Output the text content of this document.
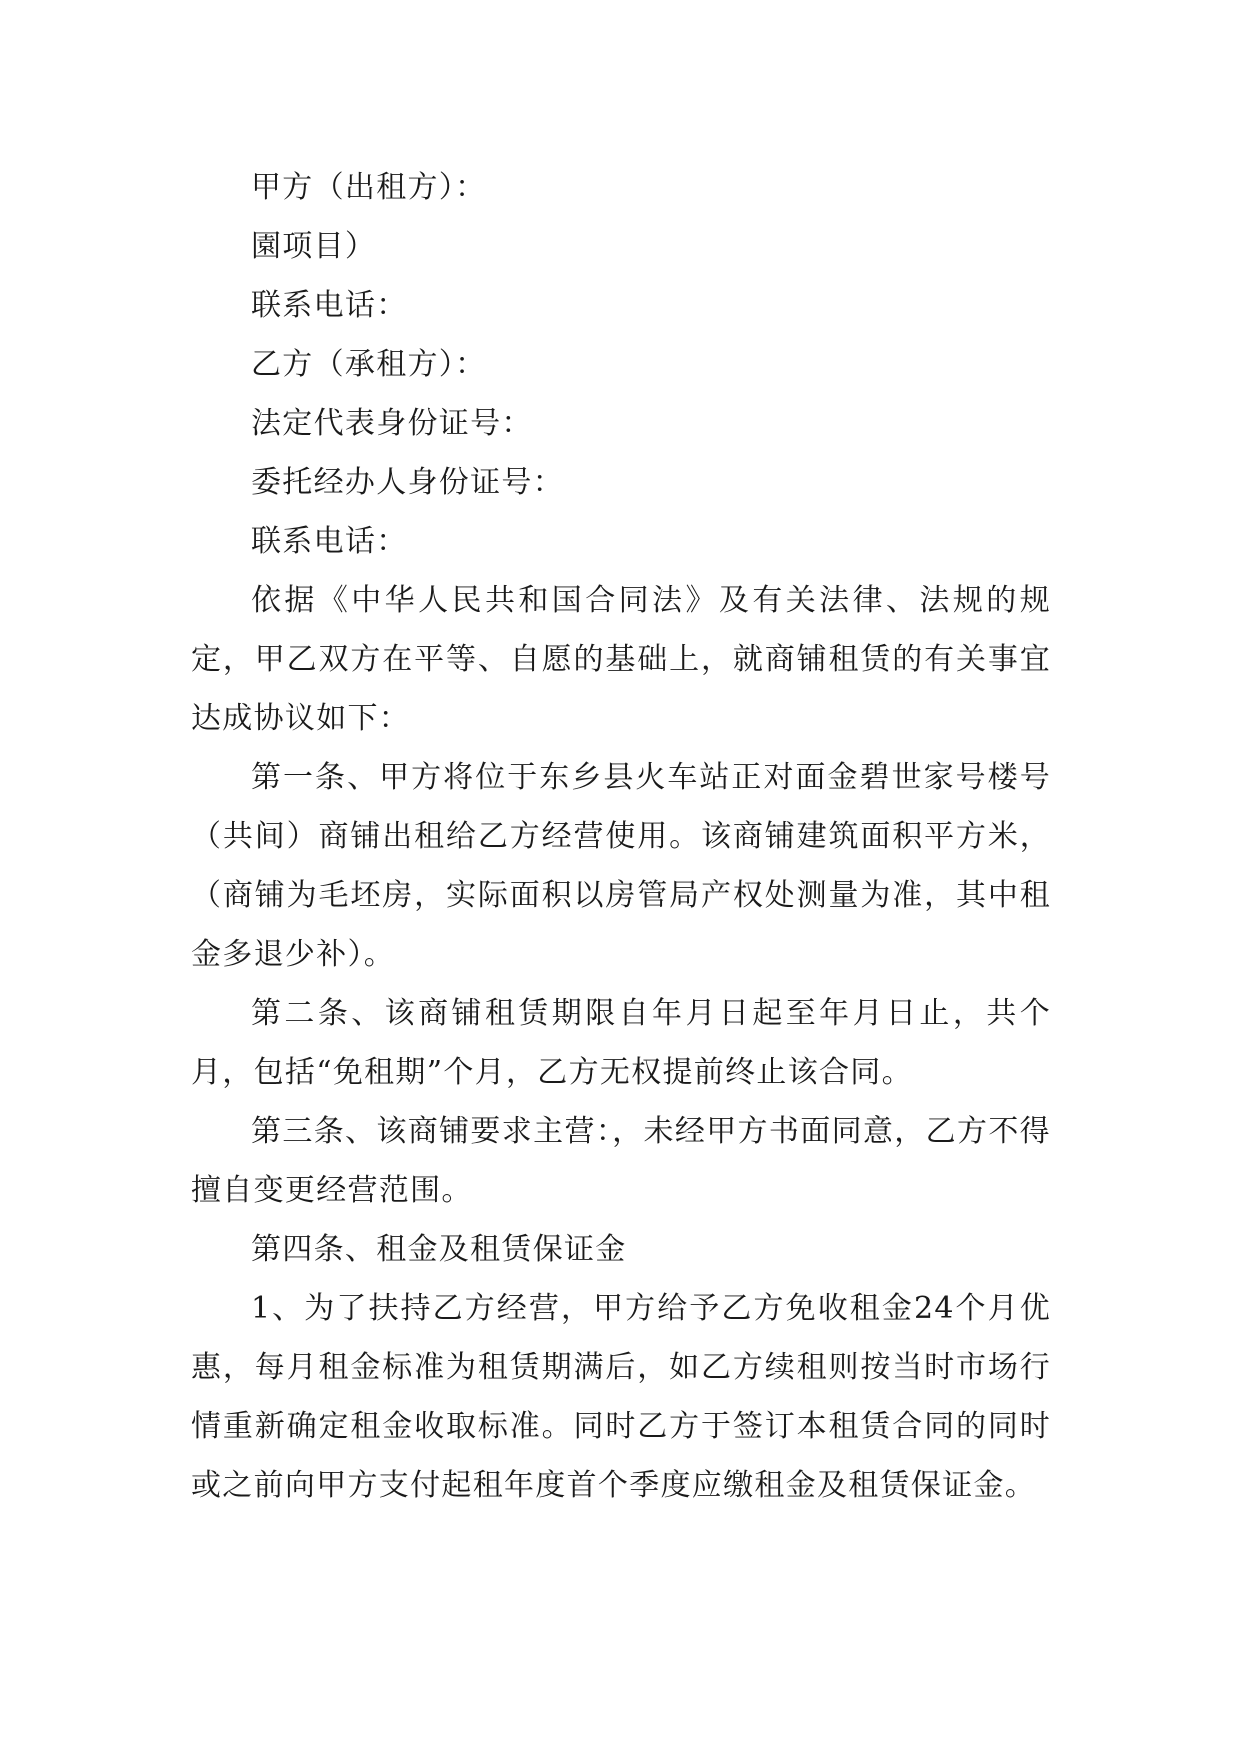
甲方（出租方）：

園项目）

联系电话：

乙方（承租方）：

法定代表身份证号：

委托经办人身份证号：

联系电话：

依据《中华人民共和国合同法》及有关法律、法规的规定，甲乙双方在平等、自愿的基础上，就商铺租赁的有关事宜达成协议如下：

第一条、甲方将位于东乡县火车站正对面金碧世家号楼号（共间）商铺出租给乙方经营使用。该商铺建筑面积平方米，（商铺为毛坯房，实际面积以房管局产权处测量为准，其中租金多退少补）。

第二条、该商铺租赁期限自年月日起至年月日止，共个月，包括“免租期”个月，乙方无权提前终止该合同。

第三条、该商铺要求主营：，未经甲方书面同意，乙方不得擅自变更经营范围。

第四条、租金及租赁保证金

1、为了扶持乙方经营，甲方给予乙方免收租金24个月优惠，每月租金标准为租赁期满后，如乙方续租则按当时市场行情重新确定租金收取标准。同时乙方于签订本租赁合同的同时或之前向甲方支付起租年度首个季度应缴租金及租赁保证金。
